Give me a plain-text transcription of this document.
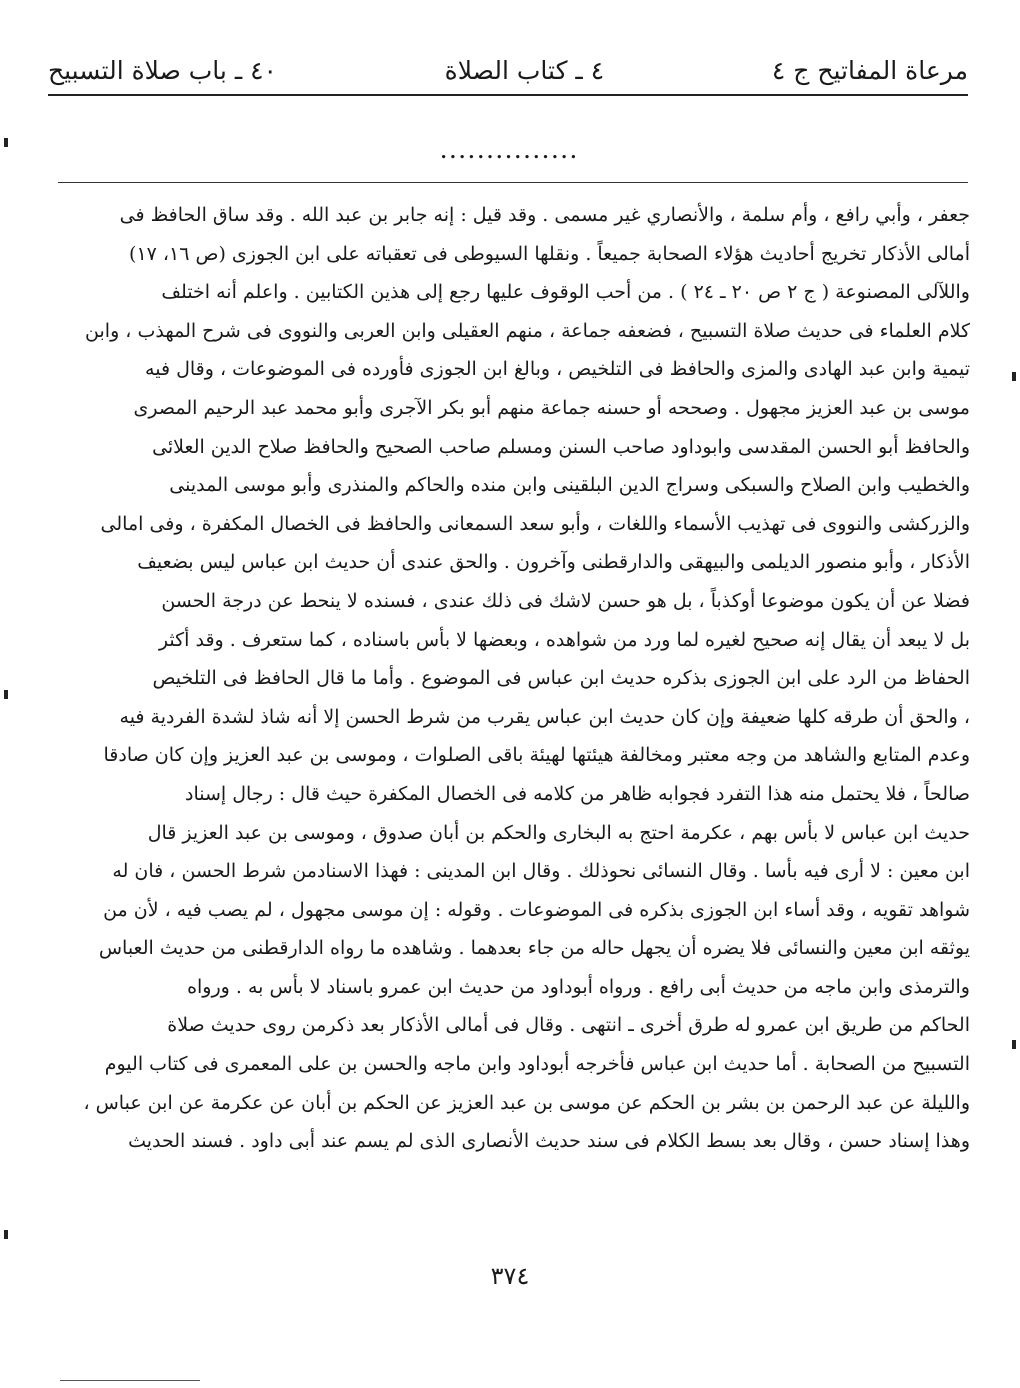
مرعاة المفاتيح ج ٤
٤ ـ كتاب الصلاة
٤٠ ـ باب صلاة التسبيح
...............
جعفر ، وأبي رافع ، وأم سلمة ، والأنصاري غير مسمى . وقد قيل : إنه جابر بن عبد الله . وقد ساق الحافظ فى
أمالى الأذكار تخريج أحاديث هؤلاء الصحابة جميعاً . ونقلها السيوطى فى تعقباته على ابن الجوزى (ص ١٦، ١٧)
واللآلى المصنوعة ( ج ٢ ص ٢٠ ـ ٢٤ ) . من أحب الوقوف عليها رجع إلى هذين الكتابين . واعلم أنه اختلف
كلام العلماء فى حديث صلاة التسبيح ، فضعفه جماعة ، منهم العقيلى وابن العربى والنووى فى شرح المهذب ، وابن
تيمية وابن عبد الهادى والمزى والحافظ فى التلخيص ، وبالغ ابن الجوزى فأورده فى الموضوعات ، وقال فيه
موسى بن عبد العزيز مجهول . وصححه أو حسنه جماعة منهم أبو بكر الآجرى وأبو محمد عبد الرحيم المصرى
والحافظ أبو الحسن المقدسى وابوداود صاحب السنن ومسلم صاحب الصحيح والحافظ صلاح الدين العلائى
والخطيب وابن الصلاح والسبكى وسراج الدين البلقينى وابن منده والحاكم والمنذرى وأبو موسى المدينى
والزركشى والنووى فى تهذيب الأسماء واللغات ، وأبو سعد السمعانى والحافظ فى الخصال المكفرة ، وفى امالى
الأذكار ، وأبو منصور الديلمى والبيهقى والدارقطنى وآخرون . والحق عندى أن حديث ابن عباس ليس بضعيف
فضلا عن أن يكون موضوعا أوكذباً ، بل هو حسن لاشك فى ذلك عندى ، فسنده لا ينحط عن درجة الحسن
بل لا يبعد أن يقال إنه صحيح لغيره لما ورد من شواهده ، وبعضها لا بأس باسناده ، كما ستعرف . وقد أكثر
الحفاظ من الرد على ابن الجوزى بذكره حديث ابن عباس فى الموضوع . وأما ما قال الحافظ فى التلخيص
، والحق أن طرقه كلها ضعيفة وإن كان حديث ابن عباس يقرب من شرط الحسن إلا أنه شاذ لشدة الفردية فيه
وعدم المتابع والشاهد من وجه معتبر ومخالفة هيئتها لهيئة باقى الصلوات ، وموسى بن عبد العزيز وإن كان صادقا
صالحاً ، فلا يحتمل منه هذا التفرد فجوابه ظاهر من كلامه فى الخصال المكفرة حيث قال : رجال إسناد
حديث ابن عباس لا بأس بهم ، عكرمة احتج به البخارى والحكم بن أبان صدوق ، وموسى بن عبد العزيز قال
ابن معين : لا أرى فيه بأسا . وقال النسائى نحوذلك . وقال ابن المدينى : فهذا الاسنادمن شرط الحسن ، فان له
شواهد تقويه ، وقد أساء ابن الجوزى بذكره فى الموضوعات . وقوله : إن موسى مجهول ، لم يصب فيه ، لأن من
يوثقه ابن معين والنسائى فلا يضره أن يجهل حاله من جاء بعدهما . وشاهده ما رواه الدارقطنى من حديث العباس
والترمذى وابن ماجه من حديث أبى رافع . ورواه أبوداود من حديث ابن عمرو باسناد لا بأس به . ورواه
الحاكم من طريق ابن عمرو له طرق أخرى ـ انتهى . وقال فى أمالى الأذكار بعد ذكرمن روى حديث صلاة
التسبيح من الصحابة . أما حديث ابن عباس فأخرجه أبوداود وابن ماجه والحسن بن على المعمرى فى كتاب اليوم
والليلة عن عبد الرحمن بن بشر بن الحكم عن موسى بن عبد العزيز عن الحكم بن أبان عن عكرمة عن ابن عباس ،
وهذا إسناد حسن ، وقال بعد بسط الكلام فى سند حديث الأنصارى الذى لم يسم عند أبى داود . فسند الحديث
٣٧٤
